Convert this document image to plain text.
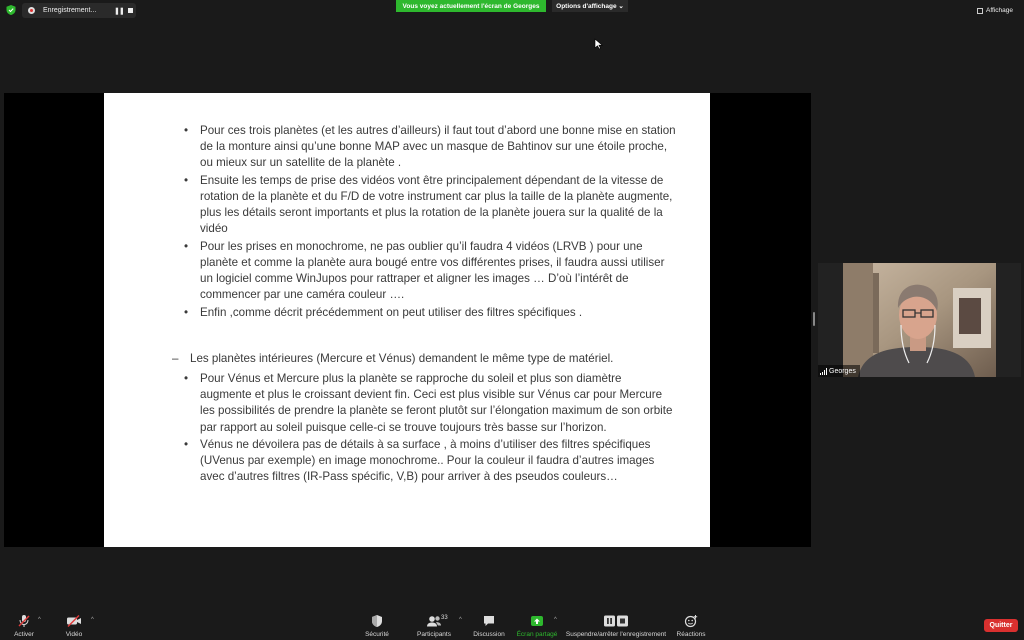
Enregistrement...	❚❚
Vous voyez actuellement l'écran de Georges	Options d'affichage ⌄
Affichage
• Pour ces trois planètes (et les autres d’ailleurs) il faut tout d’abord une bonne mise en station de la monture ainsi qu’une bonne MAP avec un masque de Bahtinov sur une étoile proche, ou mieux sur un satellite de la planète .
• Ensuite les temps de prise des vidéos vont être principalement dépendant de la vitesse de rotation de la planète et du F/D de votre instrument car plus la taille de la planète augmente, plus les détails seront importants et plus la rotation de la planète jouera sur la qualité de la vidéo
• Pour les prises en monochrome, ne pas oublier qu’il faudra 4 vidéos (LRVB ) pour une planète et comme la planète aura bougé entre vos différentes prises, il faudra aussi utiliser un logiciel comme WinJupos pour rattraper et aligner les images … D’où l’intérêt de commencer par une caméra couleur ….
• Enfin ,comme décrit précédemment on peut utiliser des filtres spécifiques .
– Les planètes intérieures (Mercure et Vénus) demandent le même type de matériel.
• Pour Vénus et Mercure plus la planète se rapproche du soleil et plus son diamètre augmente et plus le croissant devient fin. Ceci est plus visible sur Vénus car pour Mercure les possibilités de prendre la planète se feront plutôt sur l’élongation maximum de son orbite par rapport au soleil puisque celle-ci se trouve toujours très basse sur l’horizon.
• Vénus ne dévoilera pas de détails à sa surface , à moins d’utiliser des filtres spécifiques (UVenus par exemple) en image monochrome.. Pour la couleur il faudra d’autres images avec d’autres filtres (IR-Pass spécific, V,B) pour arriver à des pseudos couleurs…
Georges
Activer
^
Vidéo
^
Sécurité	Participants
33 ^
Discussion Écran partagé
^
Suspendre/arrêter l'enregistrement Réactions
Quitter
